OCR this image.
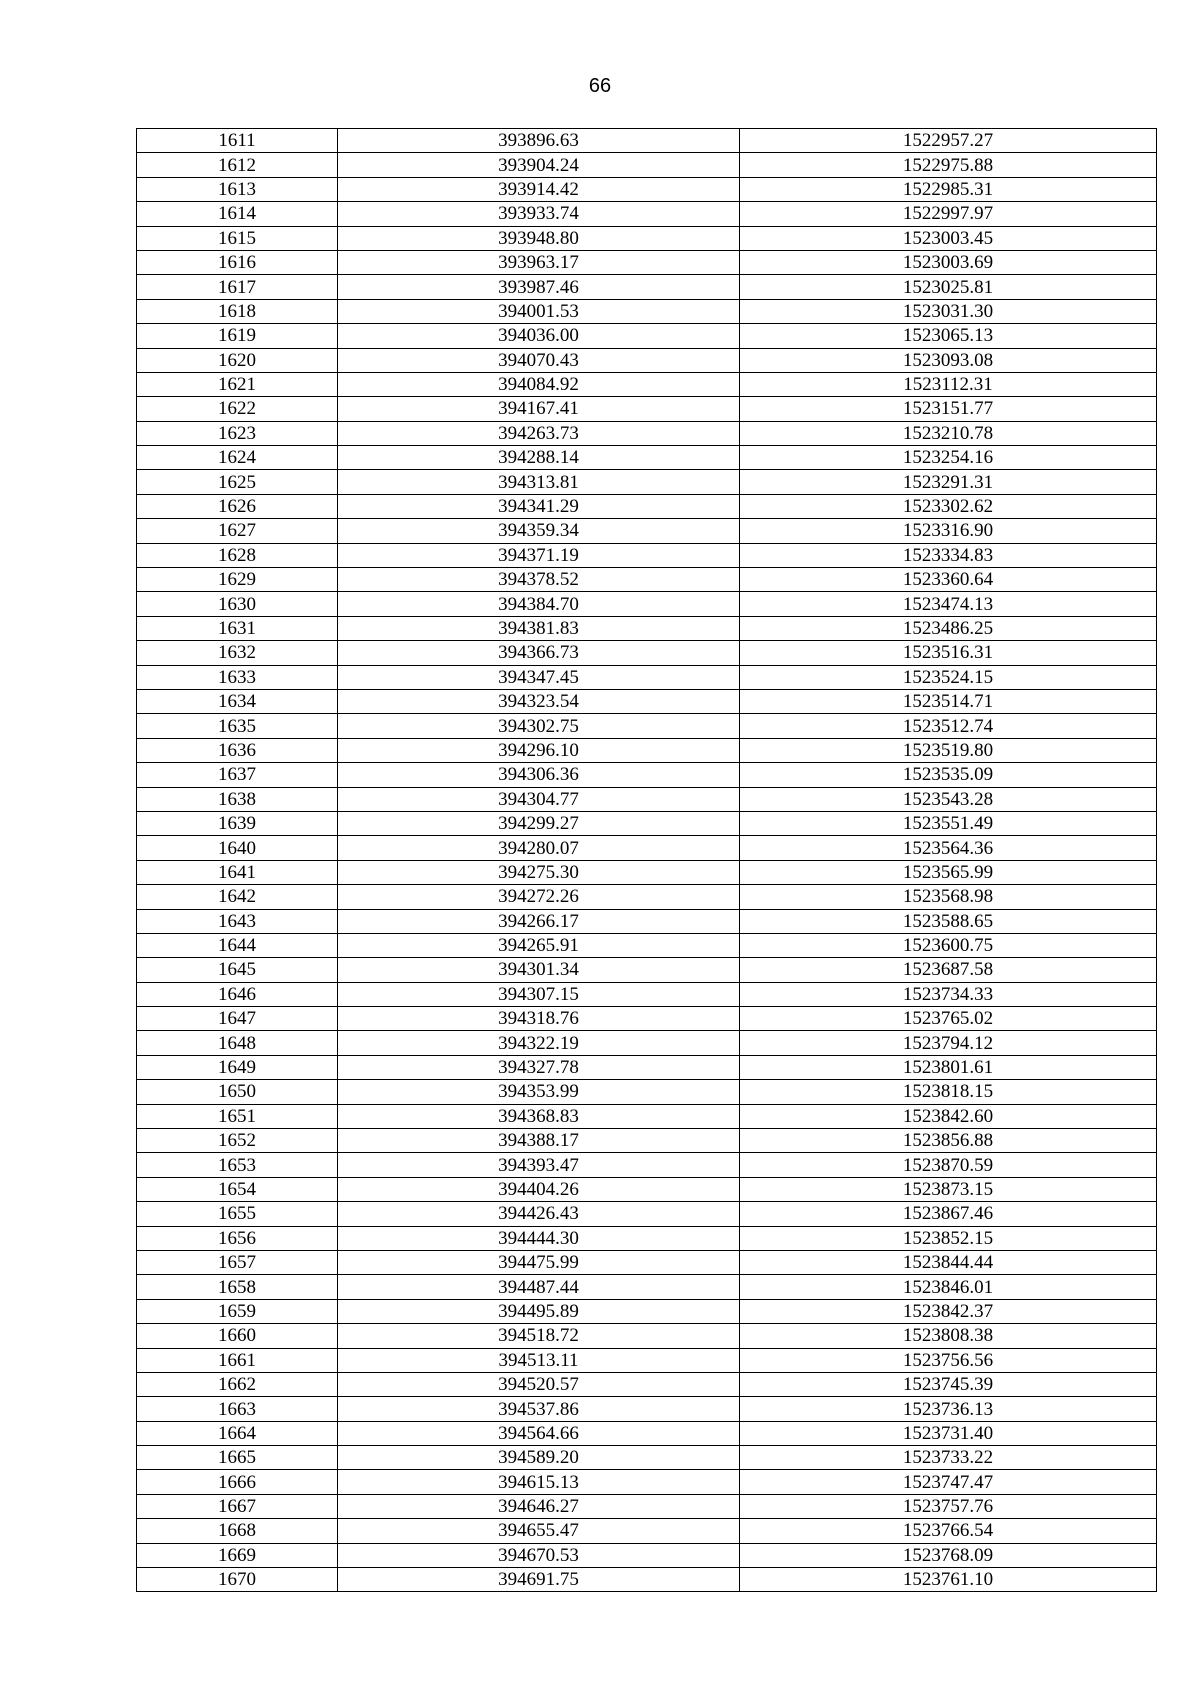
66
1611	393896.63	1522957.27
1612	393904.24	1522975.88
1613	393914.42	1522985.31
1614	393933.74	1522997.97
1615	393948.80	1523003.45
1616	393963.17	1523003.69
1617	393987.46	1523025.81
1618	394001.53	1523031.30
1619	394036.00	1523065.13
1620	394070.43	1523093.08
1621	394084.92	1523112.31
1622	394167.41	1523151.77
1623	394263.73	1523210.78
1624	394288.14	1523254.16
1625	394313.81	1523291.31
1626	394341.29	1523302.62
1627	394359.34	1523316.90
1628	394371.19	1523334.83
1629	394378.52	1523360.64
1630	394384.70	1523474.13
1631	394381.83	1523486.25
1632	394366.73	1523516.31
1633	394347.45	1523524.15
1634	394323.54	1523514.71
1635	394302.75	1523512.74
1636	394296.10	1523519.80
1637	394306.36	1523535.09
1638	394304.77	1523543.28
1639	394299.27	1523551.49
1640	394280.07	1523564.36
1641	394275.30	1523565.99
1642	394272.26	1523568.98
1643	394266.17	1523588.65
1644	394265.91	1523600.75
1645	394301.34	1523687.58
1646	394307.15	1523734.33
1647	394318.76	1523765.02
1648	394322.19	1523794.12
1649	394327.78	1523801.61
1650	394353.99	1523818.15
1651	394368.83	1523842.60
1652	394388.17	1523856.88
1653	394393.47	1523870.59
1654	394404.26	1523873.15
1655	394426.43	1523867.46
1656	394444.30	1523852.15
1657	394475.99	1523844.44
1658	394487.44	1523846.01
1659	394495.89	1523842.37
1660	394518.72	1523808.38
1661	394513.11	1523756.56
1662	394520.57	1523745.39
1663	394537.86	1523736.13
1664	394564.66	1523731.40
1665	394589.20	1523733.22
1666	394615.13	1523747.47
1667	394646.27	1523757.76
1668	394655.47	1523766.54
1669	394670.53	1523768.09
1670	394691.75	1523761.10
